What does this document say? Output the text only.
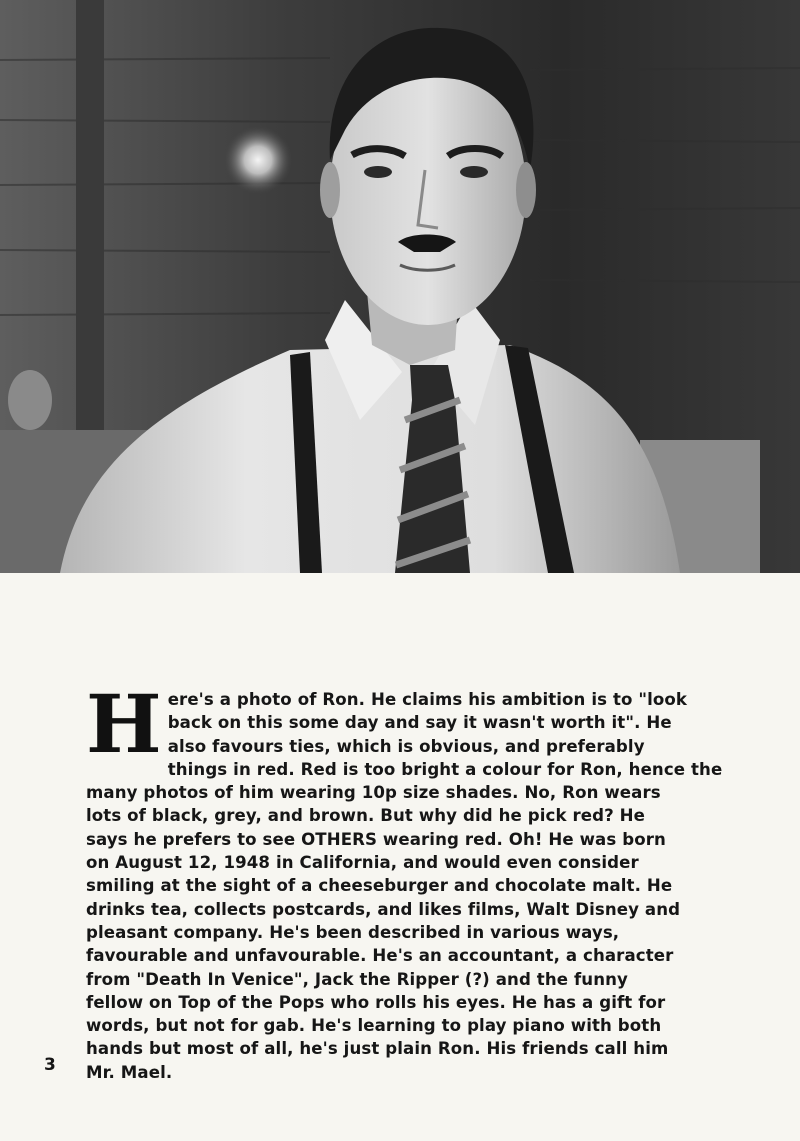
H ere's a photo of Ron. He claims his ambition is to "look
back on this some day and say it wasn't worth it". He
also favours ties, which is obvious, and preferably
things in red. Red is too bright a colour for Ron, hence the
many photos of him wearing 10p size shades. No, Ron wears
lots of black, grey, and brown. But why did he pick red? He
says he prefers to see OTHERS wearing red. Oh! He was born
on August 12, 1948 in California, and would even consider
smiling at the sight of a cheeseburger and chocolate malt. He
drinks tea, collects postcards, and likes films, Walt Disney and
pleasant company. He's been described in various ways,
favourable and unfavourable. He's an accountant, a character
from "Death In Venice", Jack the Ripper (?) and the funny
fellow on Top of the Pops who rolls his eyes. He has a gift for
words, but not for gab. He's learning to play piano with both
hands but most of all, he's just plain Ron. His friends call him
Mr. Mael.
3
